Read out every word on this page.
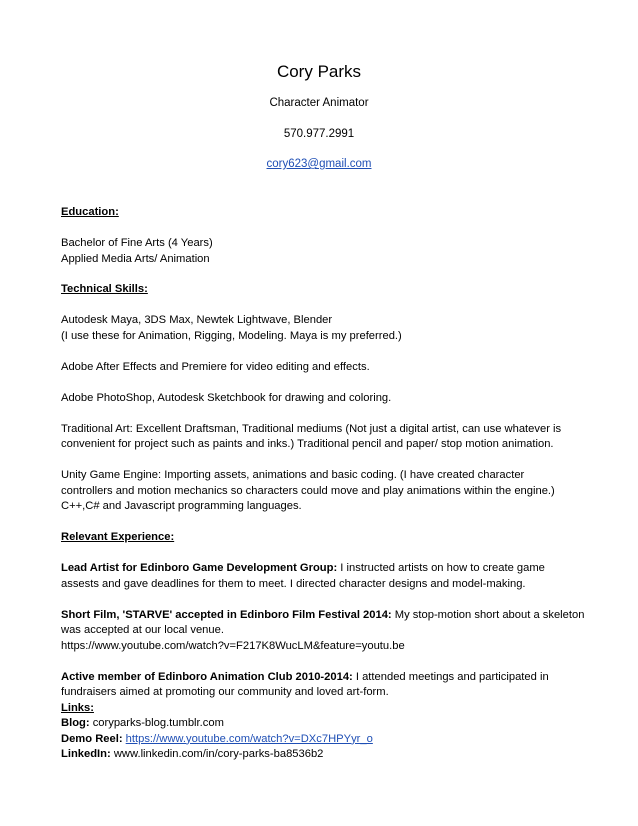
Cory Parks
Character Animator
570.977.2991
cory623@gmail.com
Education:
Bachelor of Fine Arts (4 Years)
Applied Media Arts/ Animation
Technical Skills:
Autodesk Maya, 3DS Max, Newtek Lightwave, Blender
(I use these for Animation, Rigging, Modeling. Maya is my preferred.)
Adobe After Effects and Premiere for video editing and effects.
Adobe PhotoShop, Autodesk Sketchbook for drawing and coloring.
Traditional Art: Excellent Draftsman, Traditional mediums (Not just a digital artist, can use whatever is
convenient for project such as paints and inks.) Traditional pencil and paper/ stop motion animation.
Unity Game Engine: Importing assets, animations and basic coding. (I have created character
controllers and motion mechanics so characters could move and play animations within the engine.)
C++,C# and Javascript programming languages.
Relevant Experience:
Lead Artist for Edinboro Game Development Group: I instructed artists on how to create game
assests and gave deadlines for them to meet. I directed character designs and model-making.
Short Film, 'STARVE' accepted in Edinboro Film Festival 2014: My stop-motion short about a skeleton
was accepted at our local venue.
https://www.youtube.com/watch?v=F217K8WucLM&feature=youtu.be
Active member of Edinboro Animation Club 2010-2014: I attended meetings and participated in
fundraisers aimed at promoting our community and loved art-form.
Links:
Blog: coryparks-blog.tumblr.com
Demo Reel: https://www.youtube.com/watch?v=DXc7HPYyr_o
LinkedIn: www.linkedin.com/in/cory-parks-ba8536b2
